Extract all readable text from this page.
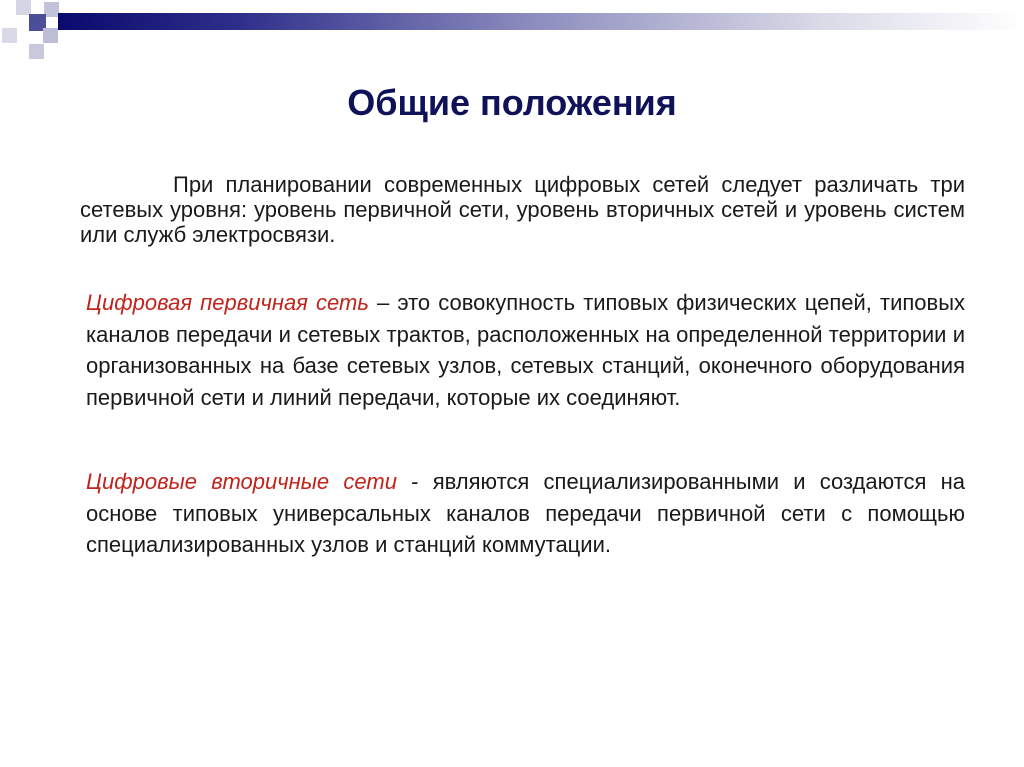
Общие положения

При планировании современных цифровых сетей следует различать три сетевых уровня: уровень первичной сети, уровень вторичных сетей и уровень систем или служб электросвязи.

Цифровая первичная сеть – это совокупность типовых физических цепей, типовых каналов передачи и сетевых трактов, расположенных на определенной территории и организованных на базе сетевых узлов, сетевых станций, оконечного оборудования первичной сети и линий передачи, которые их соединяют.

Цифровые вторичные сети - являются специализированными и создаются на основе типовых универсальных каналов передачи первичной сети с помощью специализированных узлов и станций коммутации.
